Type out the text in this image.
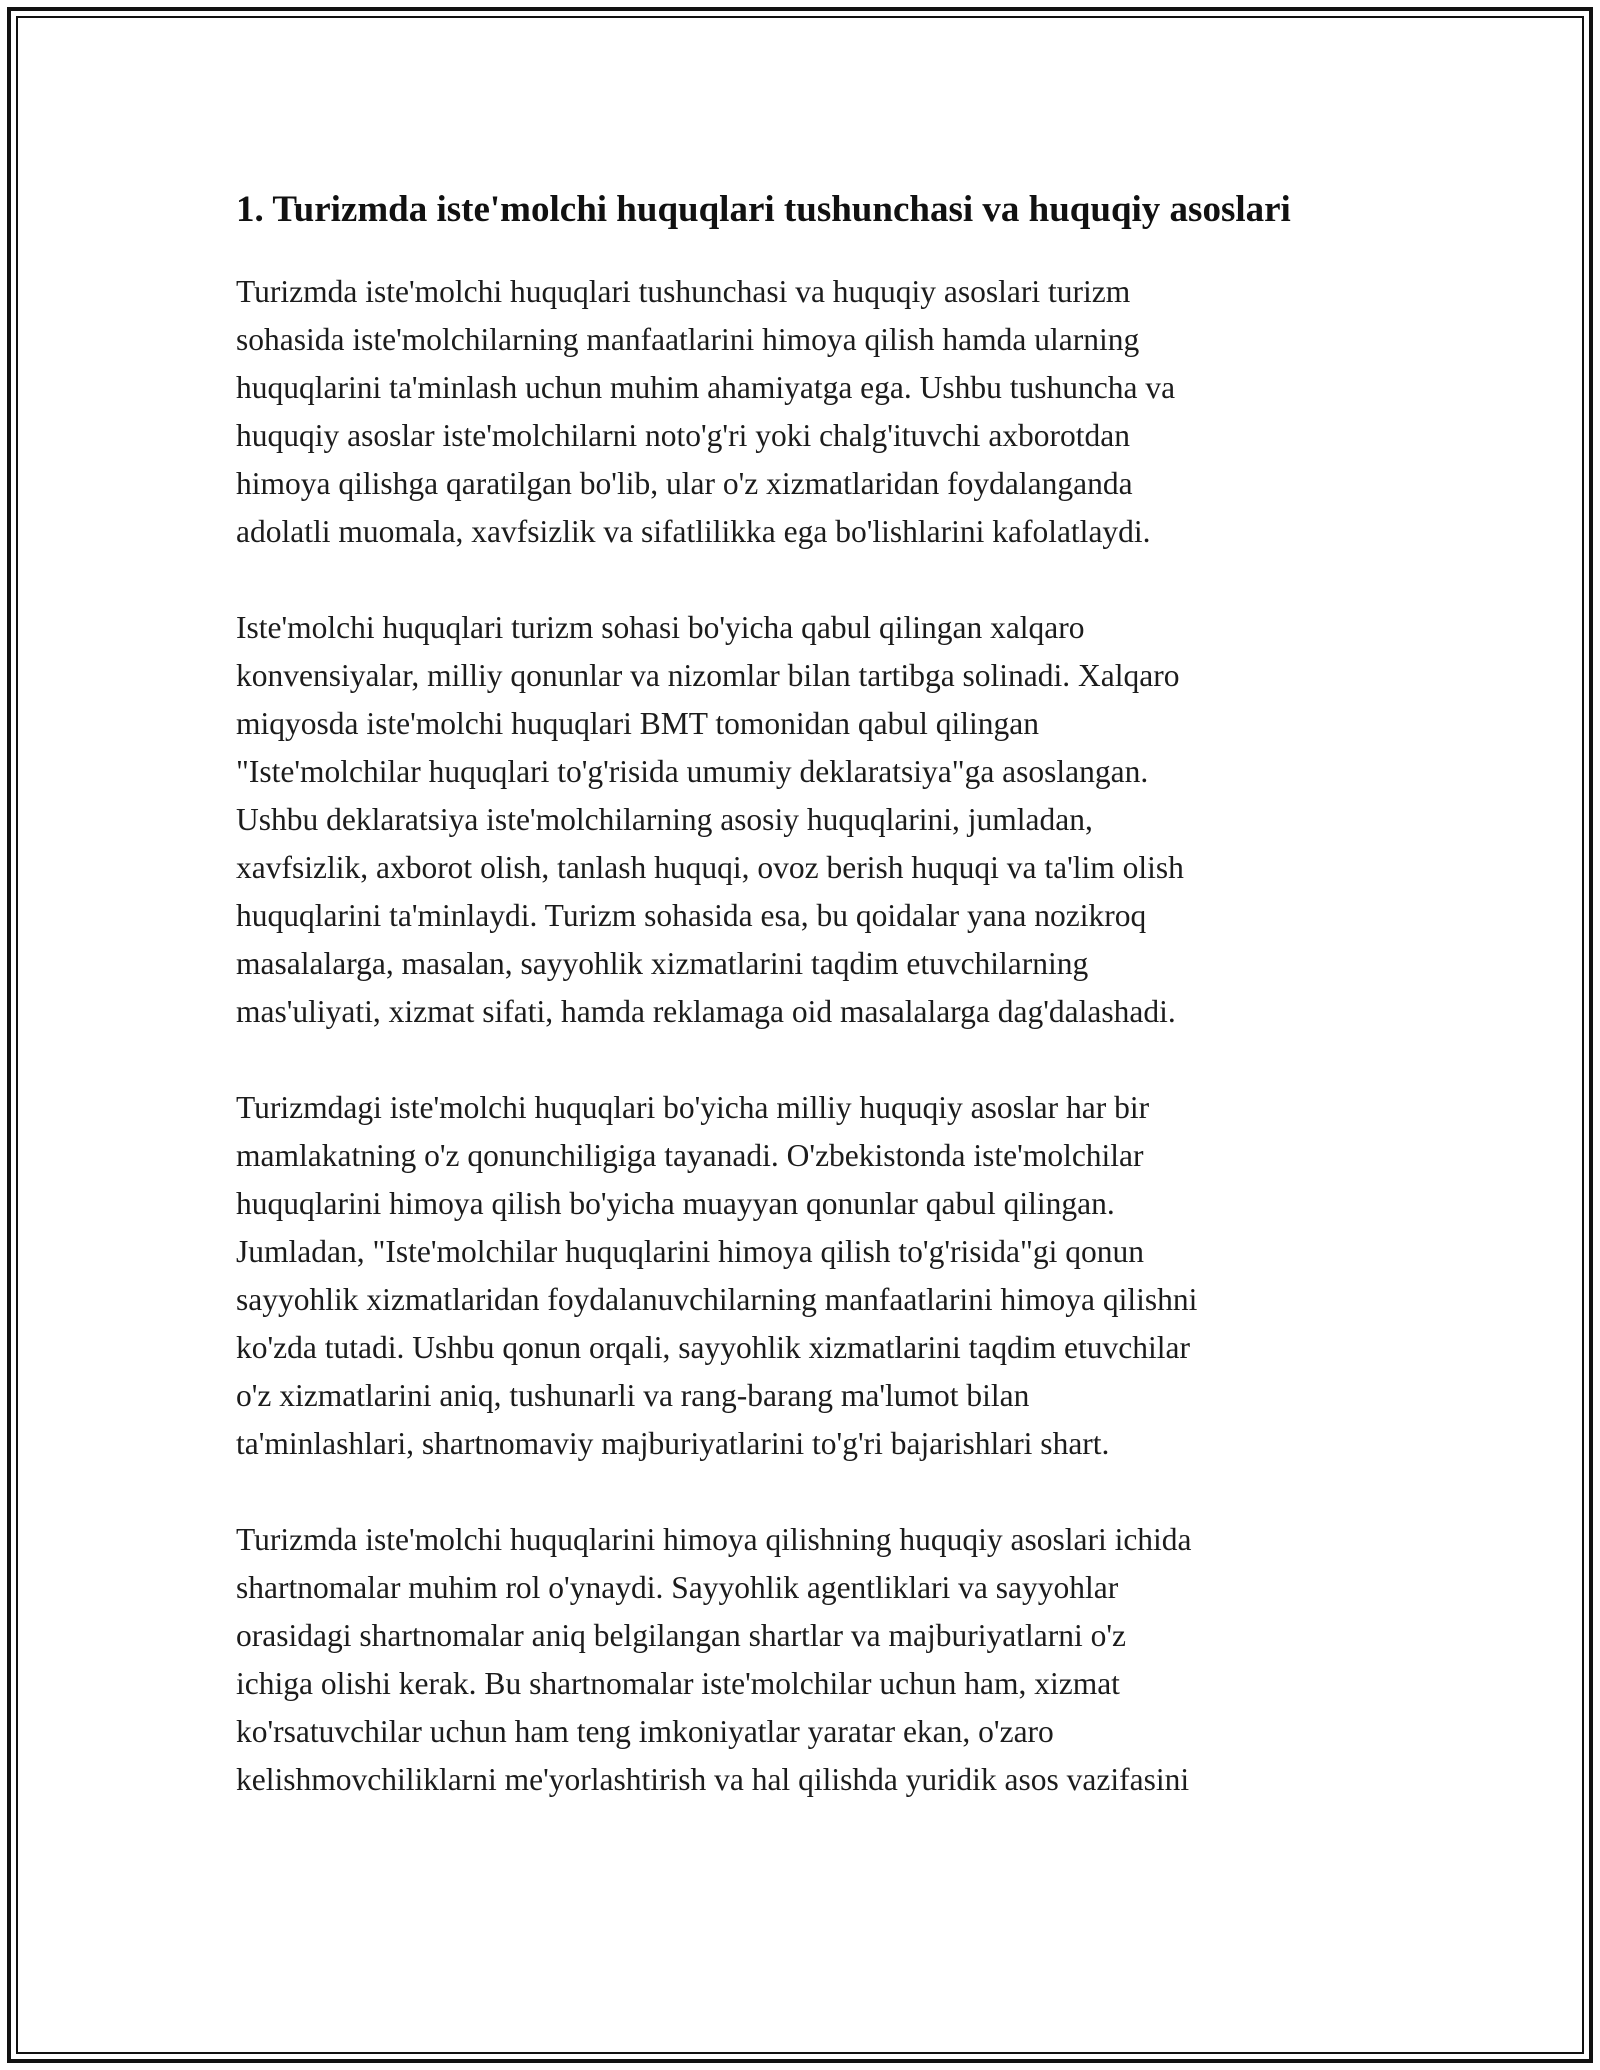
1. Turizmda iste'molchi huquqlari tushunchasi va huquqiy asoslari

Turizmda iste'molchi huquqlari tushunchasi va huquqiy asoslari turizm
sohasida iste'molchilarning manfaatlarini himoya qilish hamda ularning
huquqlarini ta'minlash uchun muhim ahamiyatga ega. Ushbu tushuncha va
huquqiy asoslar iste'molchilarni noto'g'ri yoki chalg'ituvchi axborotdan
himoya qilishga qaratilgan bo'lib, ular o'z xizmatlaridan foydalanganda
adolatli muomala, xavfsizlik va sifatlilikka ega bo'lishlarini kafolatlaydi.

Iste'molchi huquqlari turizm sohasi bo'yicha qabul qilingan xalqaro
konvensiyalar, milliy qonunlar va nizomlar bilan tartibga solinadi. Xalqaro
miqyosda iste'molchi huquqlari BMT tomonidan qabul qilingan
"Iste'molchilar huquqlari to'g'risida umumiy deklaratsiya"ga asoslangan.
Ushbu deklaratsiya iste'molchilarning asosiy huquqlarini, jumladan,
xavfsizlik, axborot olish, tanlash huquqi, ovoz berish huquqi va ta'lim olish
huquqlarini ta'minlaydi. Turizm sohasida esa, bu qoidalar yana nozikroq
masalalarga, masalan, sayyohlik xizmatlarini taqdim etuvchilarning
mas'uliyati, xizmat sifati, hamda reklamaga oid masalalarga dag'dalashadi.

Turizmdagi iste'molchi huquqlari bo'yicha milliy huquqiy asoslar har bir
mamlakatning o'z qonunchiligiga tayanadi. O'zbekistonda iste'molchilar
huquqlarini himoya qilish bo'yicha muayyan qonunlar qabul qilingan.
Jumladan, "Iste'molchilar huquqlarini himoya qilish to'g'risida"gi qonun
sayyohlik xizmatlaridan foydalanuvchilarning manfaatlarini himoya qilishni
ko'zda tutadi. Ushbu qonun orqali, sayyohlik xizmatlarini taqdim etuvchilar
o'z xizmatlarini aniq, tushunarli va rang-barang ma'lumot bilan
ta'minlashlari, shartnomaviy majburiyatlarini to'g'ri bajarishlari shart.

Turizmda iste'molchi huquqlarini himoya qilishning huquqiy asoslari ichida
shartnomalar muhim rol o'ynaydi. Sayyohlik agentliklari va sayyohlar
orasidagi shartnomalar aniq belgilangan shartlar va majburiyatlarni o'z
ichiga olishi kerak. Bu shartnomalar iste'molchilar uchun ham, xizmat
ko'rsatuvchilar uchun ham teng imkoniyatlar yaratar ekan, o'zaro
kelishmovchiliklarni me'yorlashtirish va hal qilishda yuridik asos vazifasini
